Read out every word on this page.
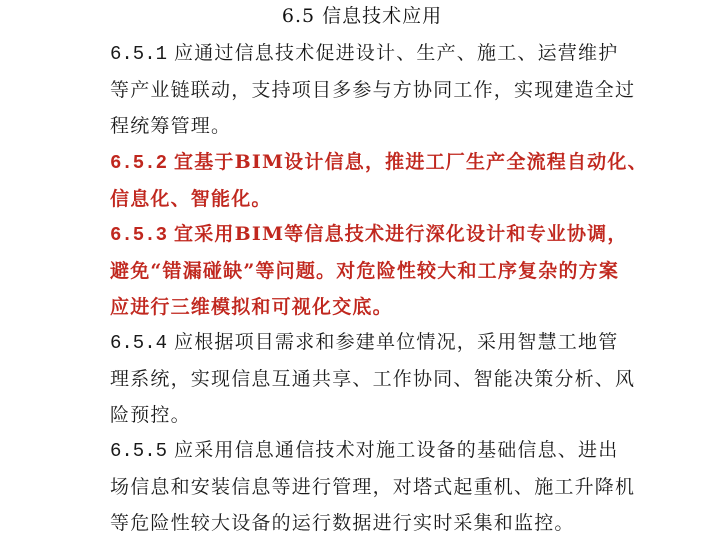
6.5 信息技术应用
6.5.1 应通过信息技术促进设计、生产、施工、运营维护
等产业链联动，支持项目多参与方协同工作，实现建造全过
程统筹管理。
6.5.2 宜基于BIM设计信息，推进工厂生产全流程自动化、
信息化、智能化。
6.5.3 宜采用BIM等信息技术进行深化设计和专业协调，
避免“错漏碰缺”等问题。对危险性较大和工序复杂的方案
应进行三维模拟和可视化交底。
6.5.4 应根据项目需求和参建单位情况，采用智慧工地管
理系统，实现信息互通共享、工作协同、智能决策分析、风
险预控。
6.5.5 应采用信息通信技术对施工设备的基础信息、进出
场信息和安装信息等进行管理，对塔式起重机、施工升降机
等危险性较大设备的运行数据进行实时采集和监控。
